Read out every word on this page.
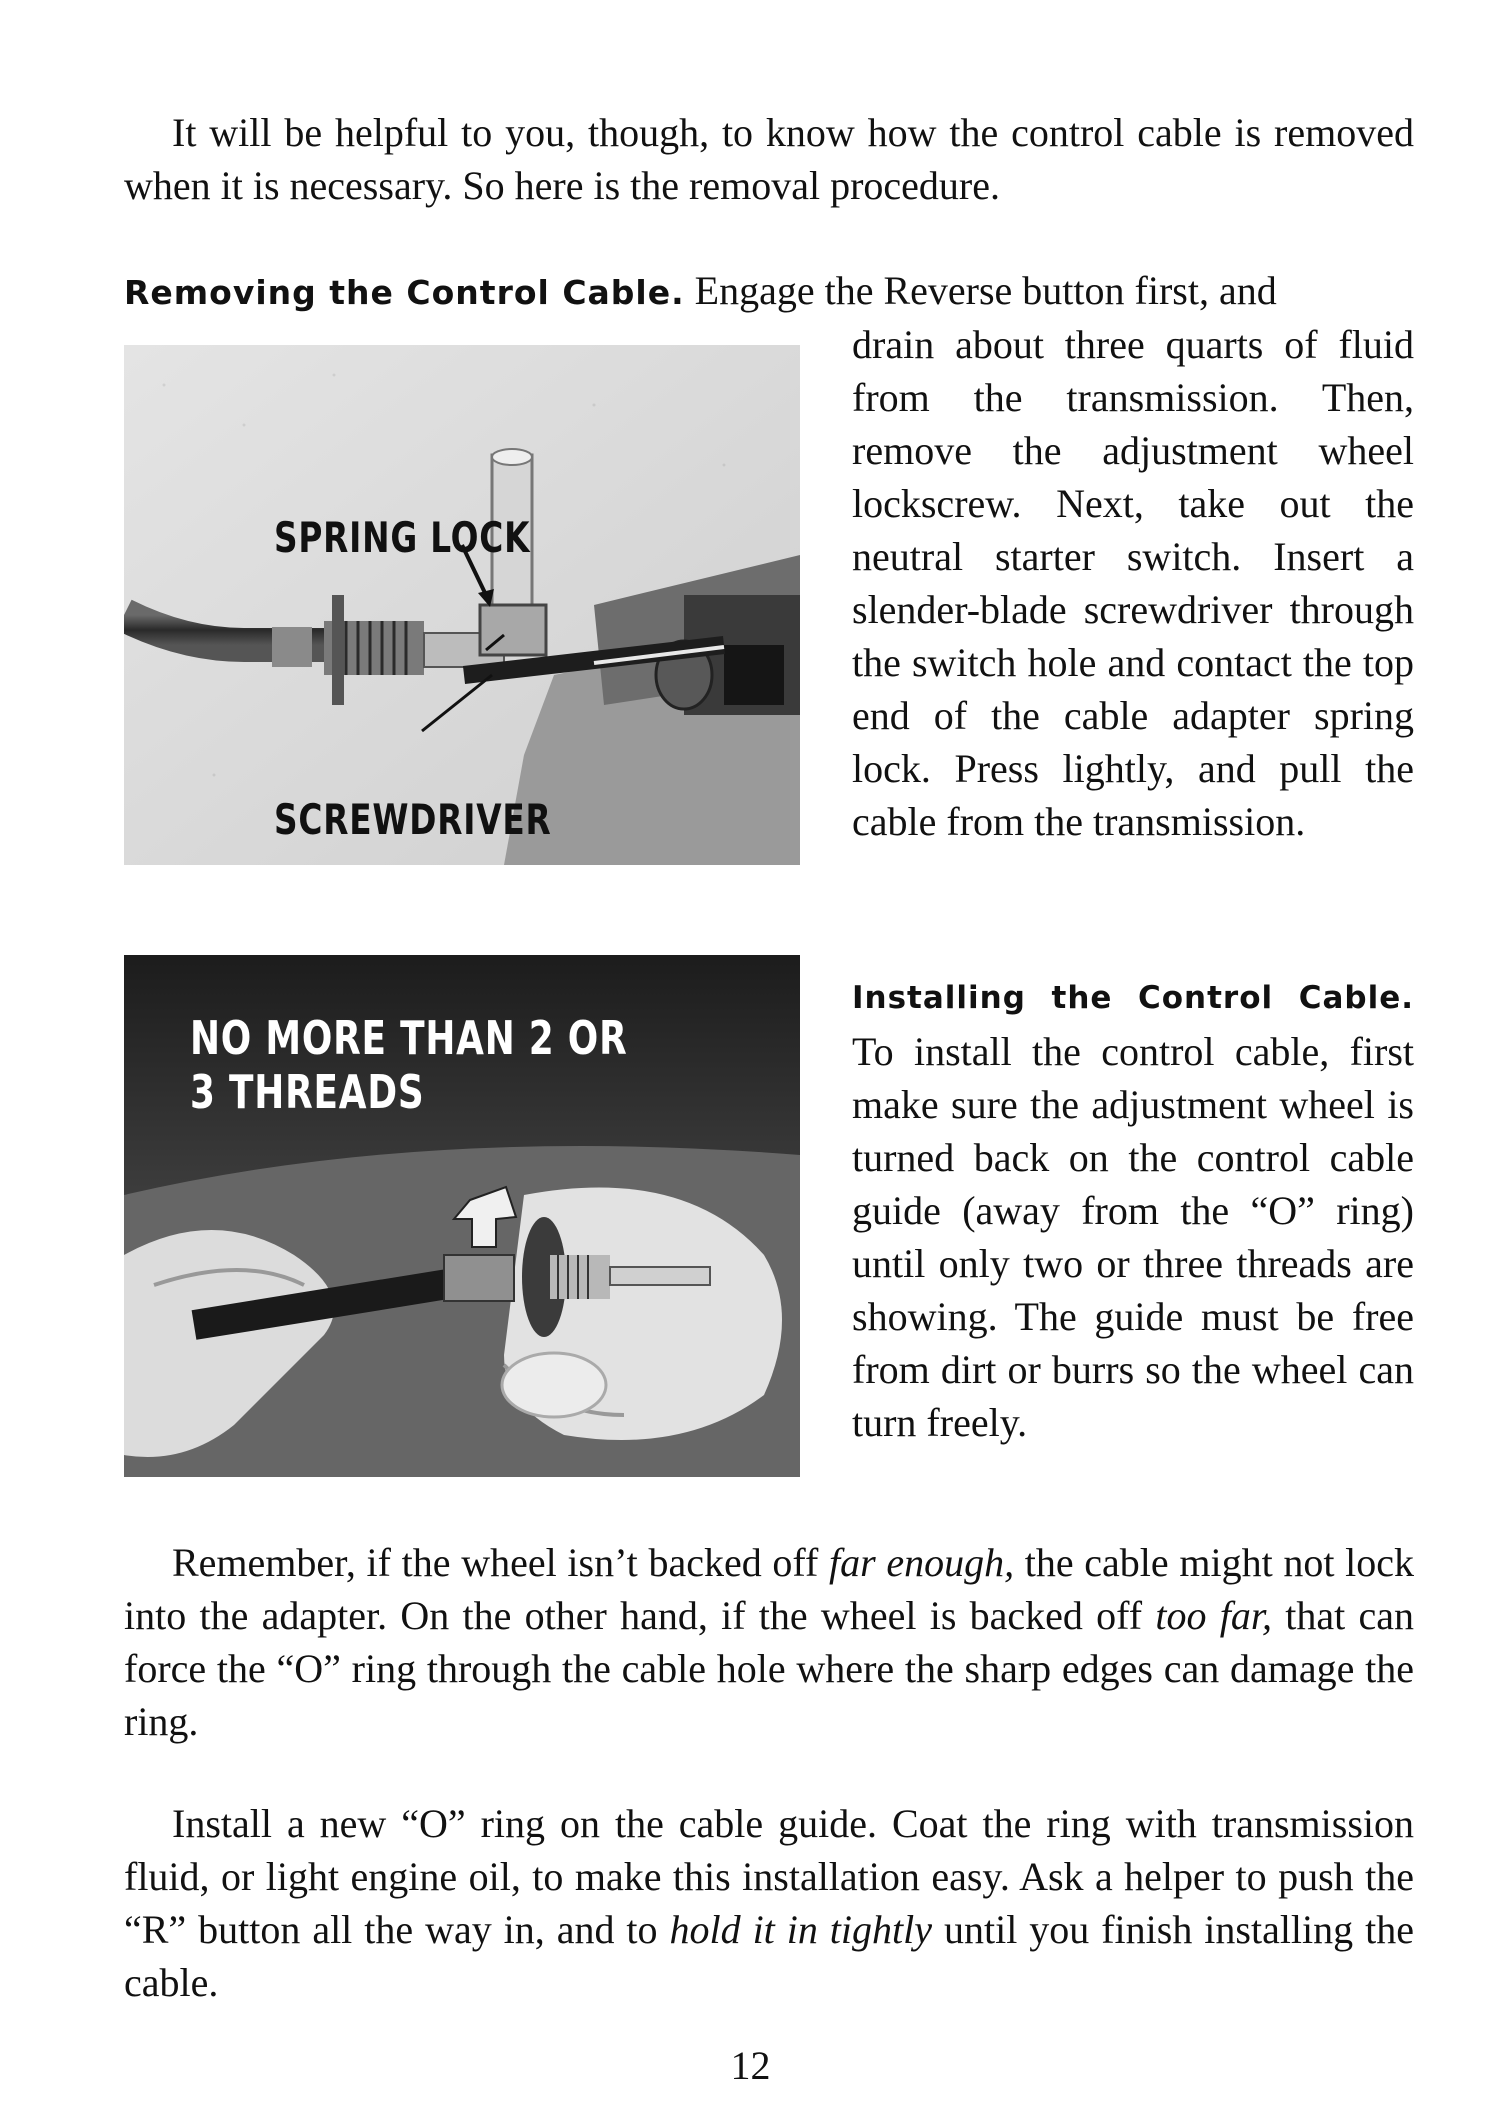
It will be helpful to you, though, to know how the control cable is removed when it is necessary. So here is the removal procedure.

Removing the Control Cable. Engage the Reverse button first, and

SPRING LOCK
SCREWDRIVER

drain about three quarts of fluid from the transmission. Then, remove the adjustment wheel lockscrew. Next, take out the neutral starter switch. Insert a slender-blade screwdriver through the switch hole and contact the top end of the cable adapter spring lock. Press lightly, and pull the cable from the transmission.

NO MORE THAN 2 OR 3 THREADS

Installing the Control Cable. To install the control cable, first make sure the adjustment wheel is turned back on the control cable guide (away from the “O” ring) until only two or three threads are showing. The guide must be free from dirt or burrs so the wheel can turn freely.

Remember, if the wheel isn’t backed off far enough, the cable might not lock into the adapter. On the other hand, if the wheel is backed off too far, that can force the “O” ring through the cable hole where the sharp edges can damage the ring.

Install a new “O” ring on the cable guide. Coat the ring with transmission fluid, or light engine oil, to make this installation easy. Ask a helper to push the “R” button all the way in, and to hold it in tightly until you finish installing the cable.

12
